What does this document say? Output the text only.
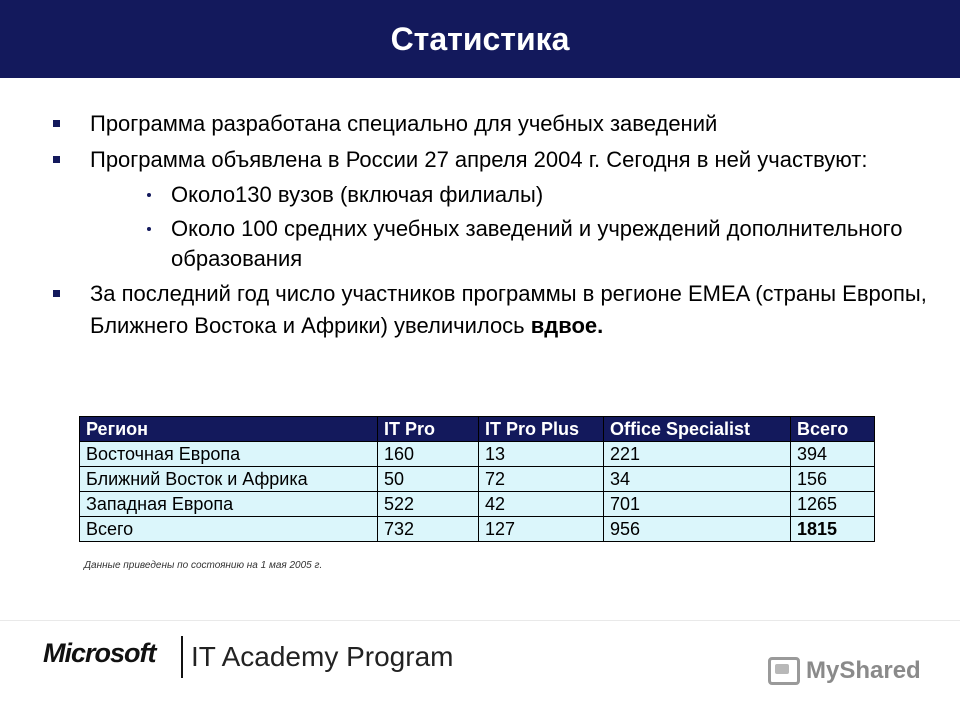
Статистика
Программа разработана специально для учебных заведений
Программа объявлена в России 27 апреля 2004 г. Сегодня в ней участвуют:
Около130 вузов (включая филиалы)
Около 100 средних учебных заведений и учреждений дополнительного образования
За последний год число участников программы в регионе EMEA (страны Европы, Ближнего Востока и Африки) увеличилось вдвое.
Регион	IT Pro	IT Pro Plus	Office Specialist	Всего
Восточная Европа	160	13	221	394
Ближний Восток и Африка	50	72	34	156
Западная Европа	522	42	701	1265
Всего	732	127	956	1815
Данные приведены по состоянию на 1 мая 2005 г.
Microsoft IT Academy Program	MyShared
